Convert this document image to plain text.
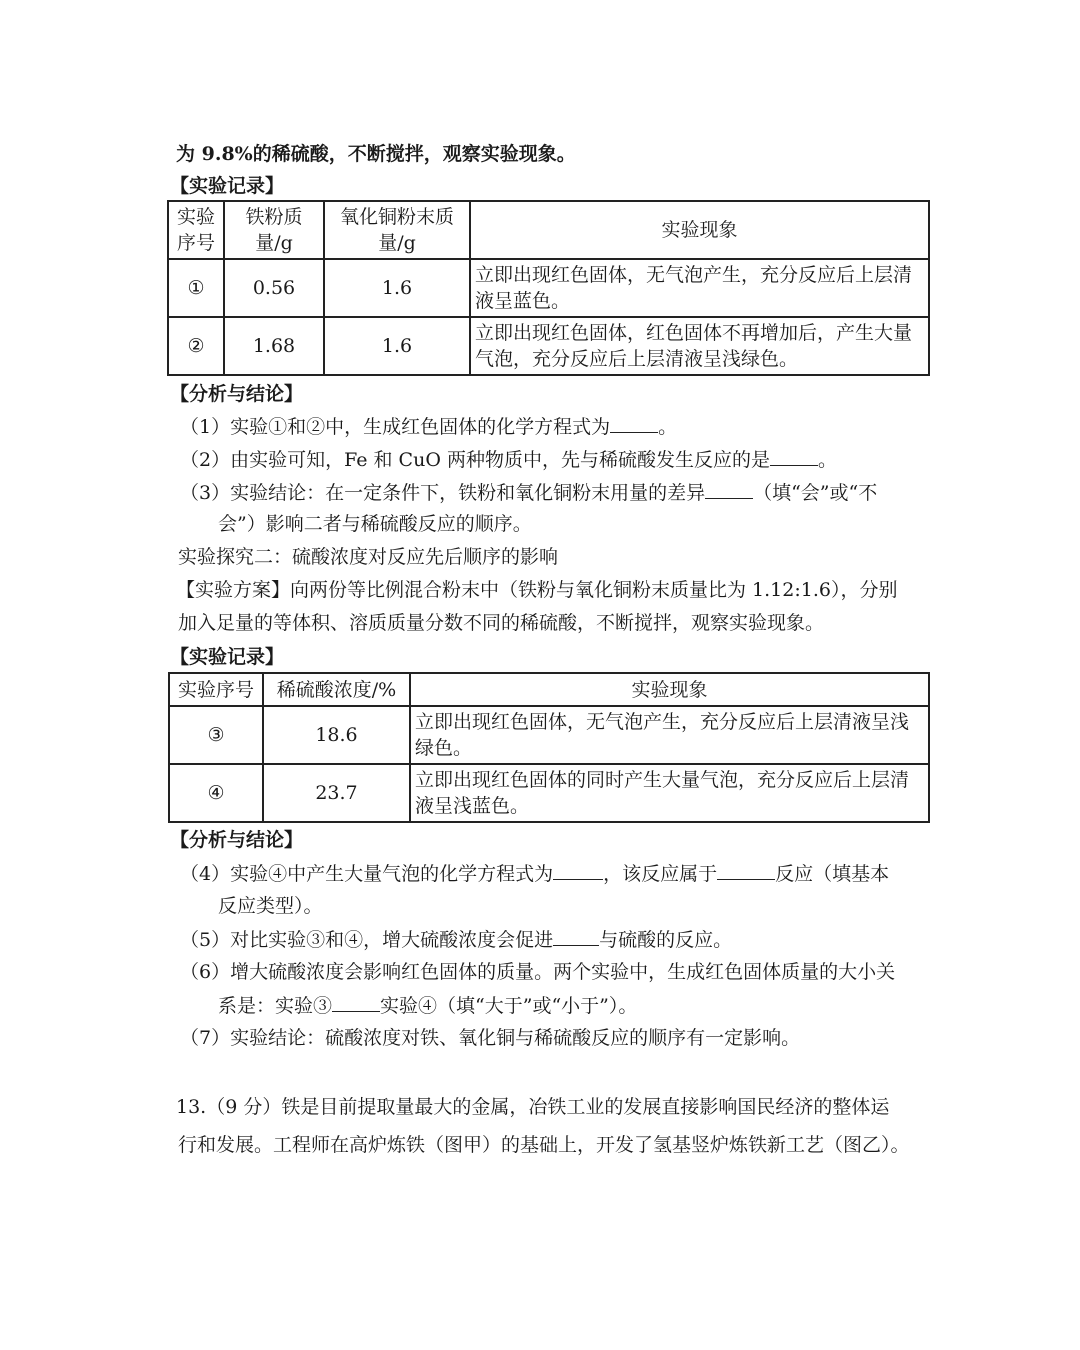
为 9.8%的稀硫酸，不断搅拌，观察实验现象。
【实验记录】
实验序号	铁粉质量/g	氧化铜粉末质量/g	实验现象
①	0.56	1.6	立即出现红色固体，无气泡产生，充分反应后上层清液呈蓝色。
②	1.68	1.6	立即出现红色固体，红色固体不再增加后，产生大量气泡，充分反应后上层清液呈浅绿色。
【分析与结论】
（1）实验①和②中，生成红色固体的化学方程式为	。
（2）由实验可知，Fe 和 CuO 两种物质中，先与稀硫酸发生反应的是	。
（3）实验结论：在一定条件下，铁粉和氧化铜粉末用量的差异	（填“会”或“不
会”）影响二者与稀硫酸反应的顺序。
实验探究二：硫酸浓度对反应先后顺序的影响
【实验方案】向两份等比例混合粉末中（铁粉与氧化铜粉末质量比为 1.12:1.6），分别
加入足量的等体积、溶质质量分数不同的稀硫酸，不断搅拌，观察实验现象。
【实验记录】
实验序号	稀硫酸浓度/%	实验现象
③	18.6	立即出现红色固体，无气泡产生，充分反应后上层清液呈浅绿色。
④	23.7	立即出现红色固体的同时产生大量气泡，充分反应后上层清液呈浅蓝色。
【分析与结论】
（4）实验④中产生大量气泡的化学方程式为	，该反应属于	反应（填基本
反应类型）。
（5）对比实验③和④，增大硫酸浓度会促进 与硫酸的反应。
（6）增大硫酸浓度会影响红色固体的质量。两个实验中，生成红色固体质量的大小关
系是：实验③	实验④（填“大于”或“小于”）。
（7）实验结论：硫酸浓度对铁、氧化铜与稀硫酸反应的顺序有一定影响。
13.（9 分）铁是目前提取量最大的金属，冶铁工业的发展直接影响国民经济的整体运
行和发展。工程师在高炉炼铁（图甲）的基础上，开发了氢基竖炉炼铁新工艺（图乙）。
